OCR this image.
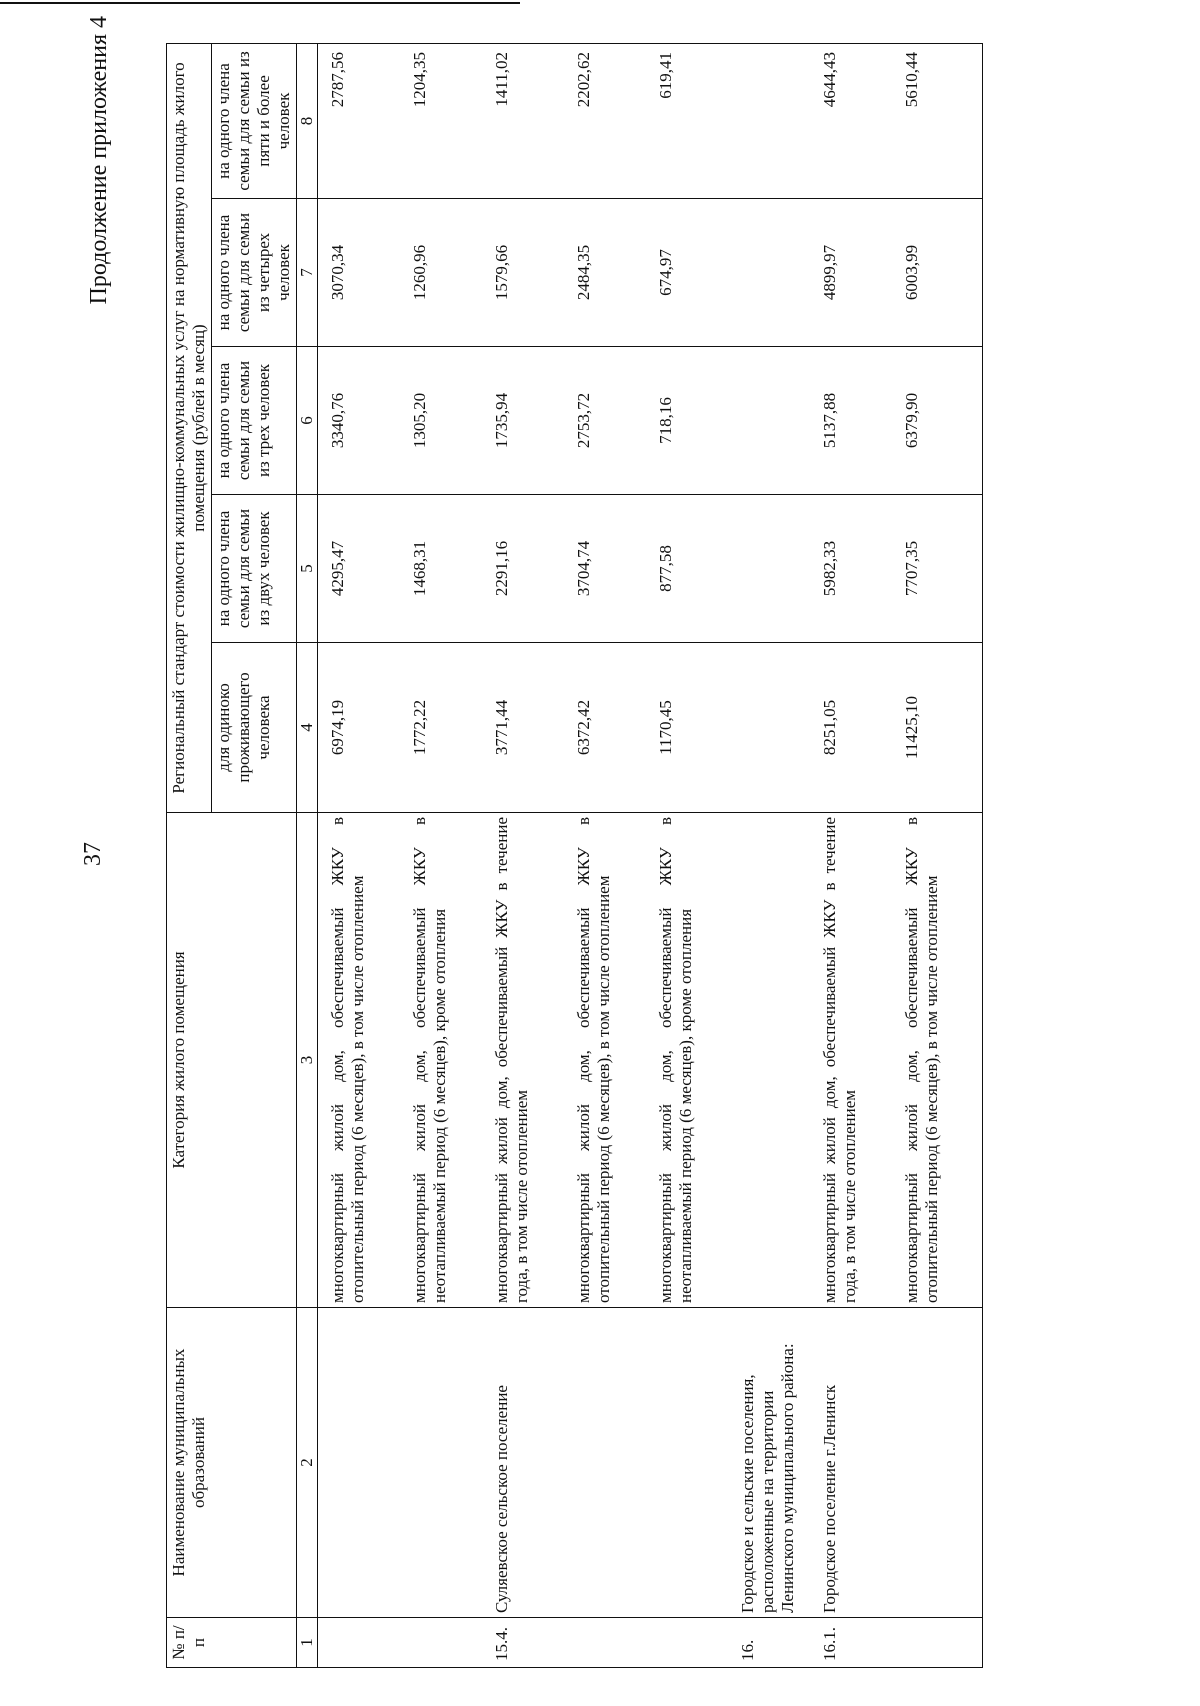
37
Продолжение приложения 4
№ п/п	Наименование муниципальных образований	Категория жилого помещения	Региональный стандарт стоимости жилищно-коммунальных услуг на нормативную площадь жилого помещения (рублей в месяц)				
			для одиноко проживающего человека	на одного члена семьи для семьи из двух человек	на одного члена семьи для семьи из трех человек	на одного члена семьи для семьи из четырех человек	на одного члена семьи для семьи из пяти и более человек
1	2	3	4	5	6	7	8
		многоквартирный жилой дом, обеспечиваемый ЖКУ в отопительный период (6 месяцев), в том числе отоплением	6974,19	4295,47	3340,76	3070,34	2787,56
		многоквартирный жилой дом, обеспечиваемый ЖКУ в неотапливаемый период (6 месяцев), кроме отопления	1772,22	1468,31	1305,20	1260,96	1204,35
15.4.	Суляевское сельское поселение	многоквартирный жилой дом, обеспечиваемый ЖКУ в течение года, в том числе отоплением	3771,44	2291,16	1735,94	1579,66	1411,02
		многоквартирный жилой дом, обеспечиваемый ЖКУ в отопительный период (6 месяцев), в том числе отоплением	6372,42	3704,74	2753,72	2484,35	2202,62
		многоквартирный жилой дом, обеспечиваемый ЖКУ в неотапливаемый период (6 месяцев), кроме отопления	1170,45	877,58	718,16	674,97	619,41
16.	Городское и сельские поселения, расположенные на территории Ленинского муниципального района:						
16.1.	Городское поселение г.Ленинск	многоквартирный жилой дом, обеспечиваемый ЖКУ в течение года, в том числе отоплением	8251,05	5982,33	5137,88	4899,97	4644,43
		многоквартирный жилой дом, обеспечиваемый ЖКУ в отопительный период (6 месяцев), в том числе отоплением	11425,10	7707,35	6379,90	6003,99	5610,44
